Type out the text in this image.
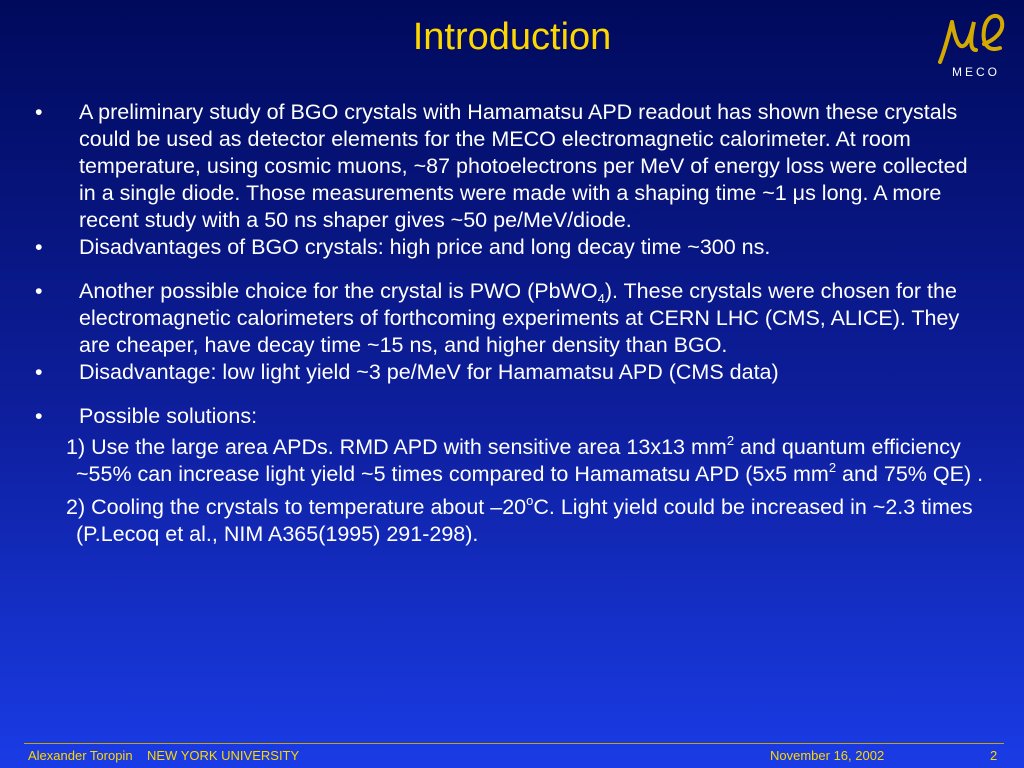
Introduction
MECO
•	A preliminary study of BGO crystals with Hamamatsu APD readout has shown these crystals could be used as detector elements for the MECO electromagnetic calorimeter. At room temperature, using cosmic muons, ~87 photoelectrons per MeV of energy loss were collected in a single diode. Those measurements were made with a shaping time ~1 μs long. A more recent study with a 50 ns shaper gives ~50 pe/MeV/diode.
•	Disadvantages of BGO crystals: high price and long decay time ~300 ns.
•	Another possible choice for the crystal is PWO (PbWO$_4$). These crystals were chosen for the electromagnetic calorimeters of forthcoming experiments at CERN LHC (CMS, ALICE). They are cheaper, have decay time ~15 ns, and higher density than BGO.
•	Disadvantage: low light yield ~3 pe/MeV for Hamamatsu APD (CMS data)
•	Possible solutions:
1) Use the large area APDs. RMD APD with sensitive area 13x13 $mm^2$ and quantum efficiency ~55% can increase light yield ~5 times compared to Hamamatsu APD (5x5 $mm^2$ and 75% QE) .
2) Cooling the crystals to temperature about –20$^o$C. Light yield could be increased in ~2.3 times (P.Lecoq et al., NIM A365(1995) 291-298).
Alexander Toropin    NEW YORK UNIVERSITY	November 16, 2002	2
